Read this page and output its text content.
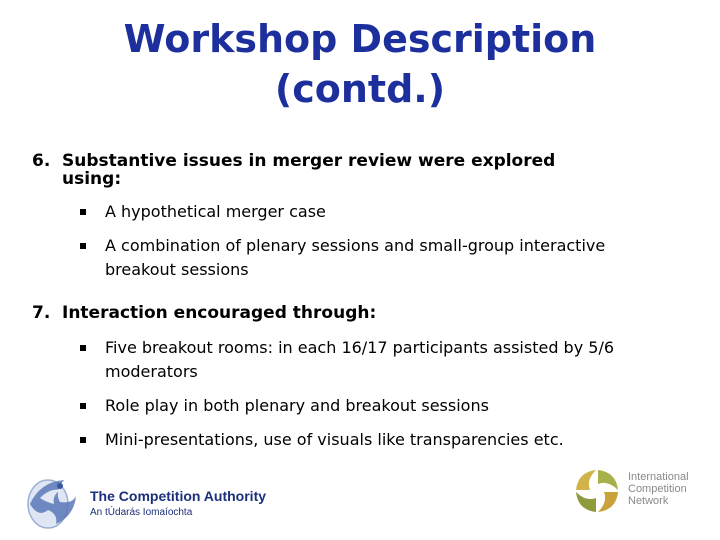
Workshop Description
(contd.)
6. Substantive issues in merger review were explored
using:
A hypothetical merger case
A combination of plenary sessions and small-group interactive
breakout sessions
7. Interaction encouraged through:
Five breakout rooms: in each 16/17 participants assisted by 5/6
moderators
Role play in both plenary and breakout sessions
Mini-presentations, use of visuals like transparencies etc.
The Competition Authority
An tÚdarás Iomaíochta
International
Competition
Network
